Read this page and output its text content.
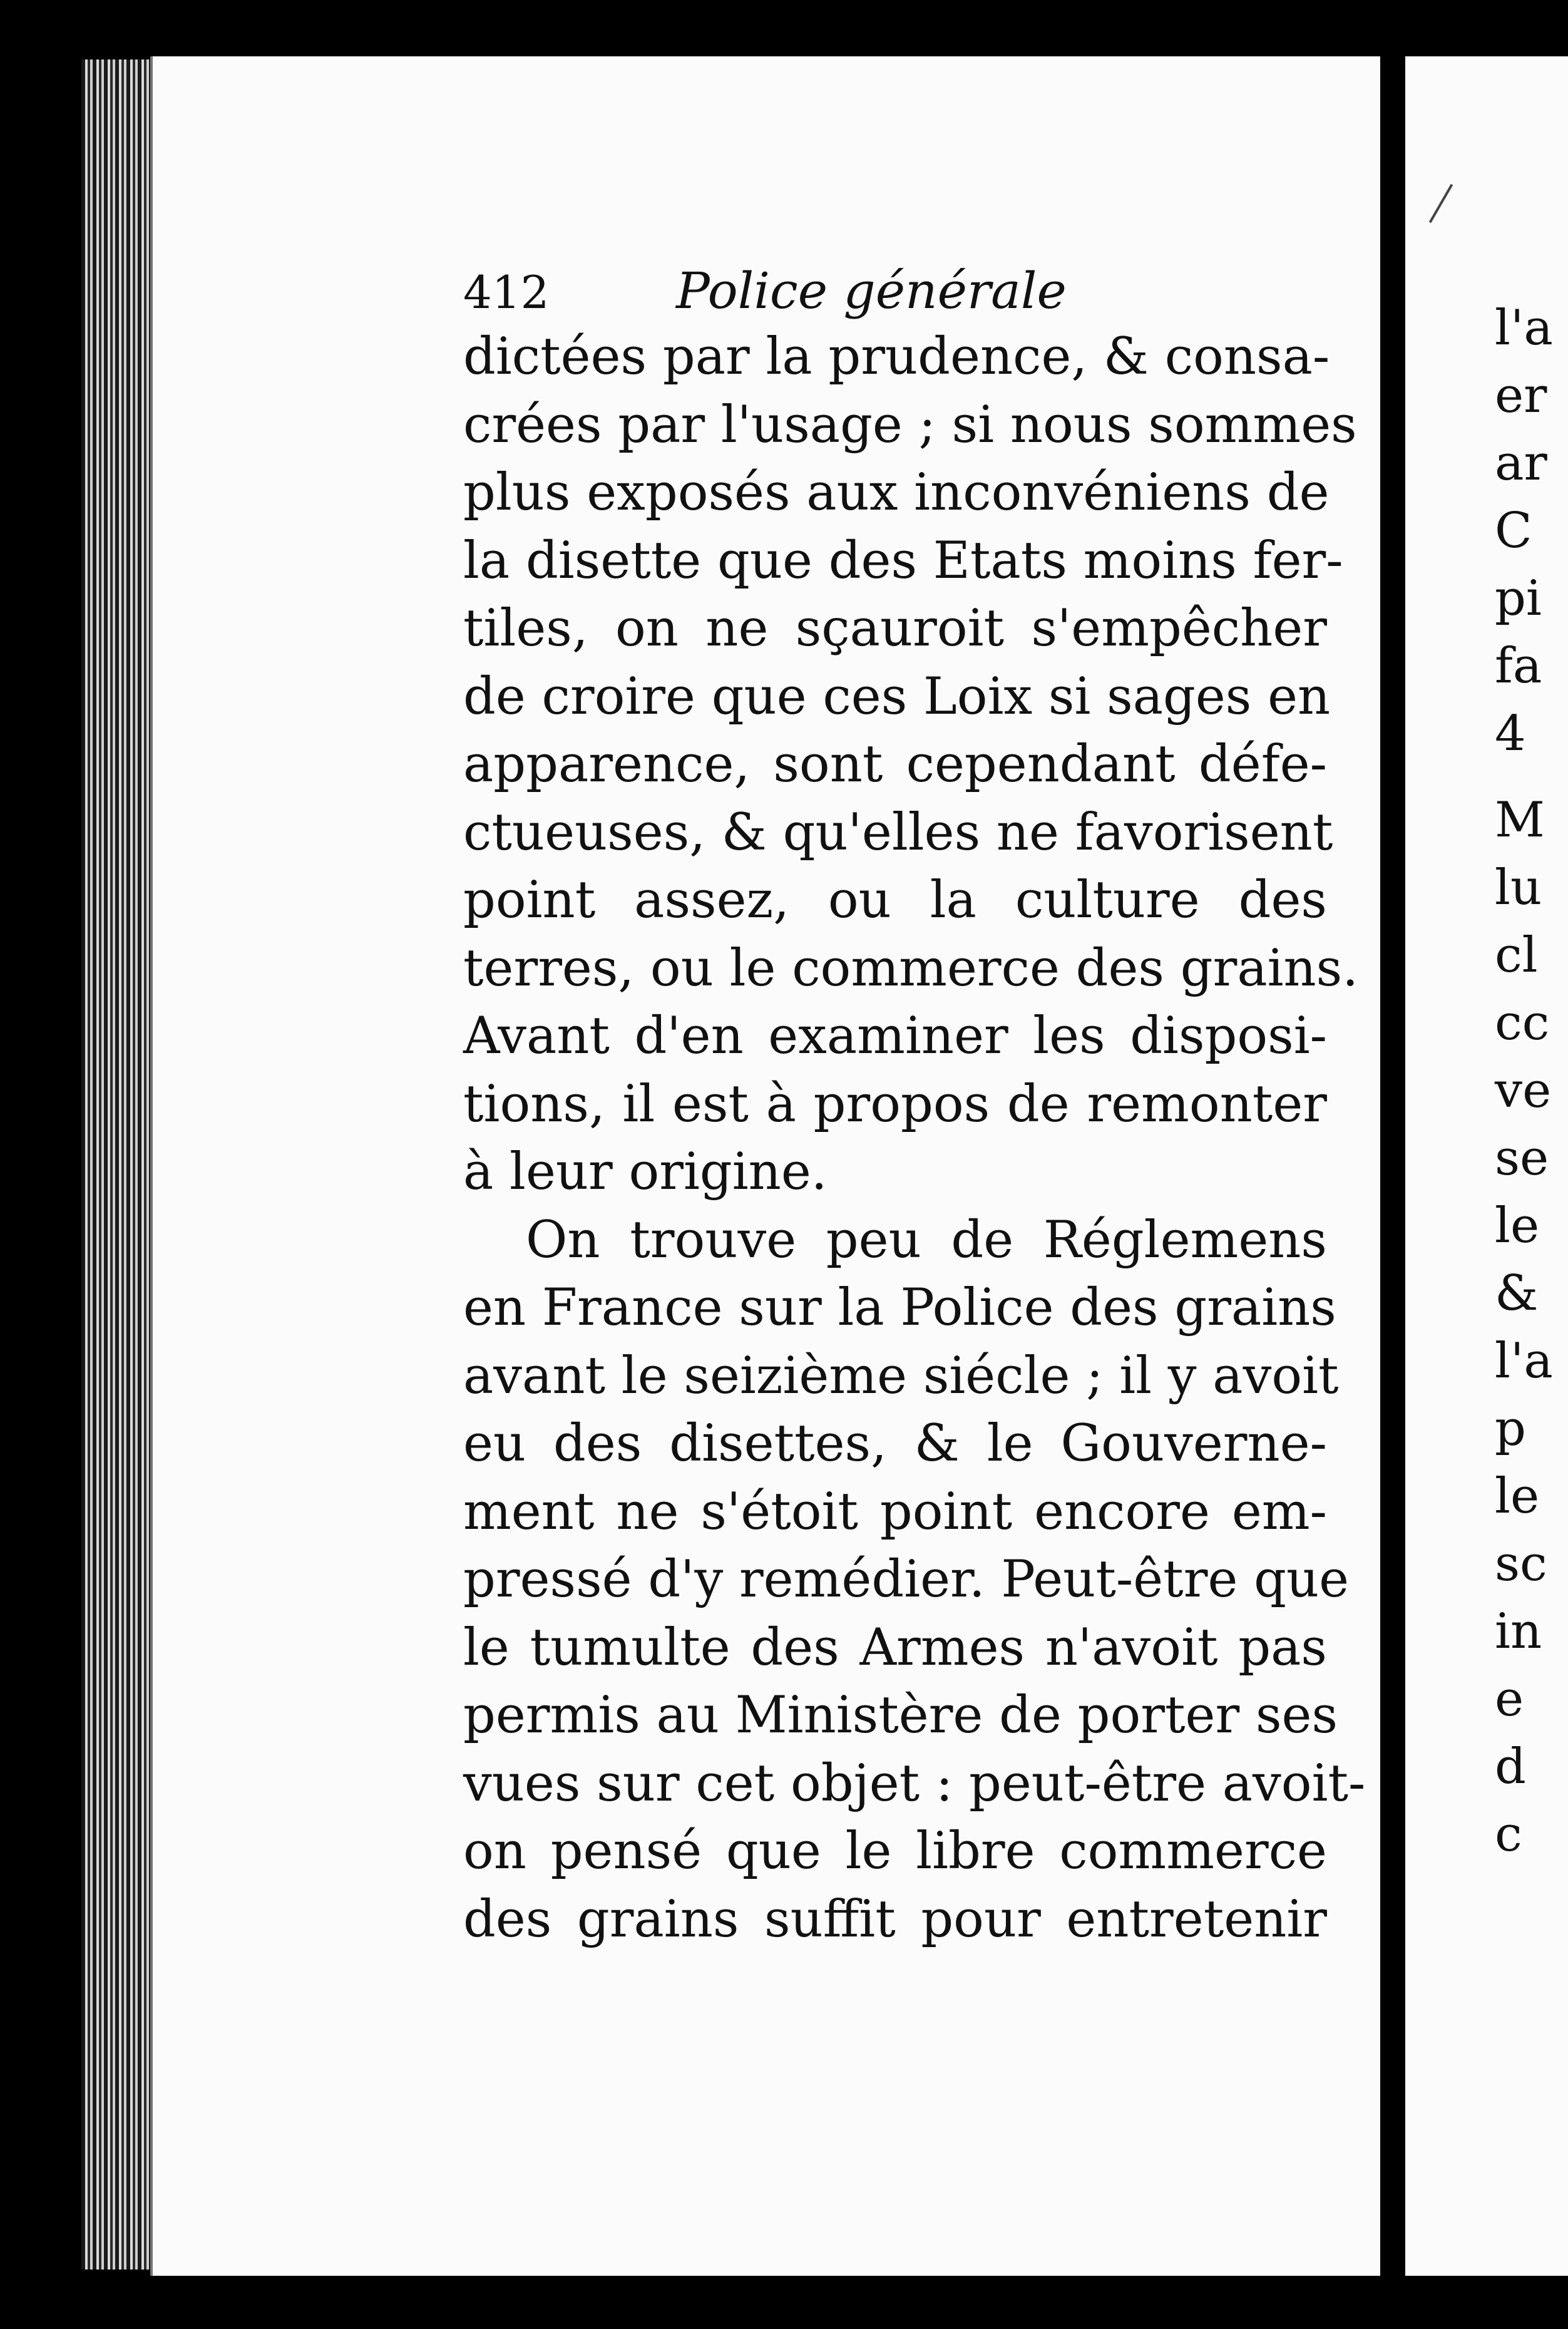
412	Police générale
dictées par la prudence, & consa-
crées par l'usage ; si nous sommes
plus exposés aux inconvéniens de
la disette que des Etats moins fer-
tiles, on ne sçauroit s'empêcher
de croire que ces Loix si sages en
apparence, sont cependant défe-
ctueuses, & qu'elles ne favorisent
point assez, ou la culture des
terres, ou le commerce des grains.
Avant d'en examiner les disposi-
tions, il est à propos de remonter
à leur origine.
On trouve peu de Réglemens
en France sur la Police des grains
avant le seizième siécle ; il y avoit
eu des disettes, & le Gouverne-
ment ne s'étoit point encore em-
pressé d'y remédier. Peut-être que
le tumulte des Armes n'avoit pas
permis au Ministère de porter ses
vues sur cet objet : peut-être avoit-
on pensé que le libre commerce
des grains suffit pour entretenir
l'a
er
ar
C
pi
fa
4
M
lu
cl
cc
ve
se
le
&
l'a
p
le
sc
in
e
d
c
